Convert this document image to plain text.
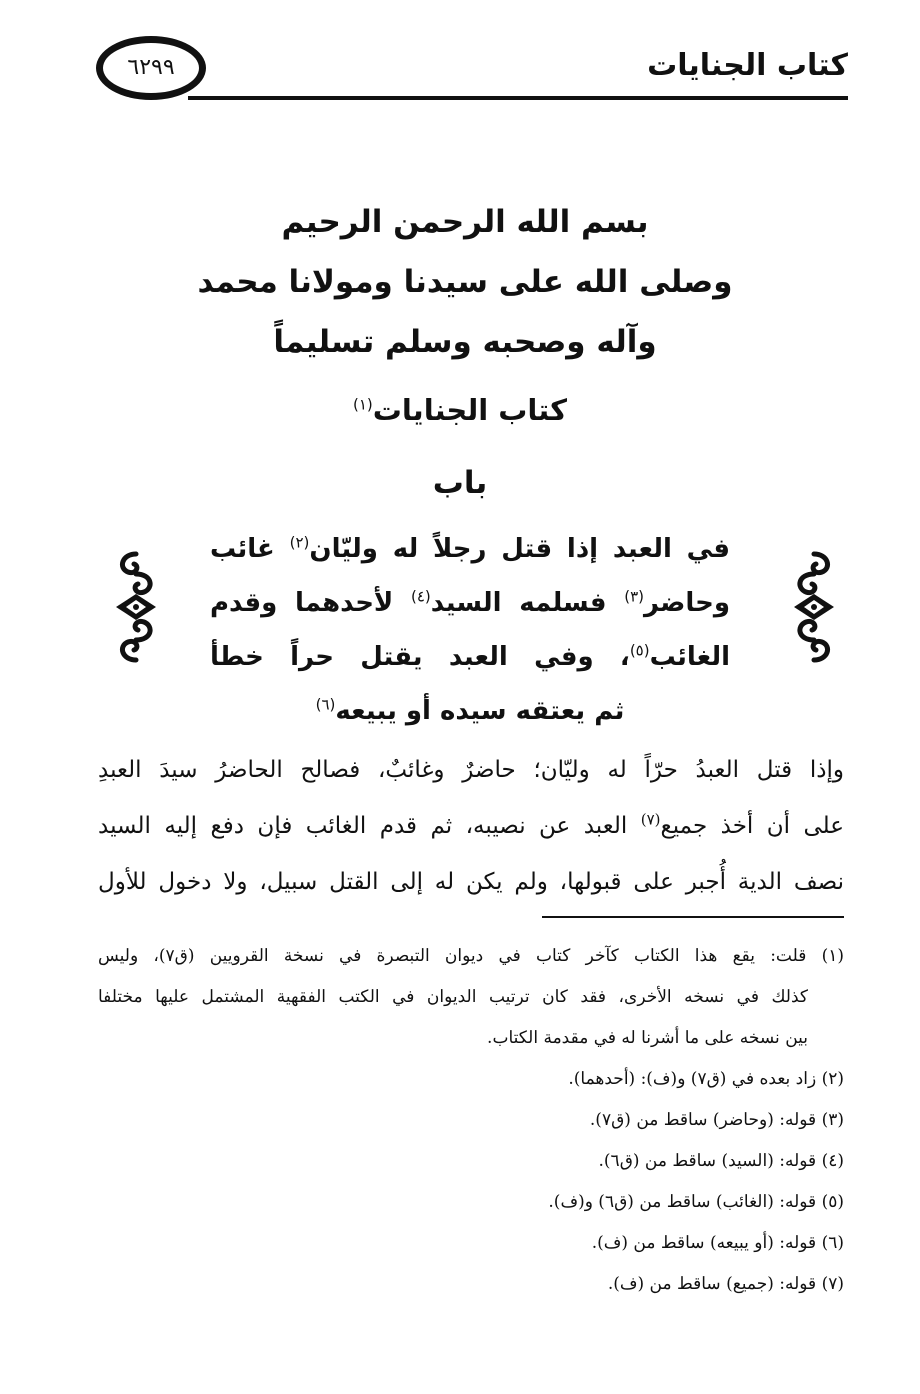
كتاب الجنايات
٦٢٩٩
بسم الله الرحمن الرحيم
وصلى الله على سيدنا ومولانا محمد
وآله وصحبه وسلم تسليماً
كتاب الجنايات$^{(١)}$
باب
في العبد إذا قتل رجلاً له وليّان$^{(٢)}$ غائب
وحاضر$^{(٣)}$ فسلمه السيد$^{(٤)}$ لأحدهما وقدم
الغائب$^{(٥)}$، وفي العبد يقتل حراً خطأ
ثم يعتقه سيده أو يبيعه$^{(٦)}$
وإذا قتل العبدُ حرّاً له وليّان؛ حاضرٌ وغائبٌ، فصالح الحاضرُ سيدَ العبدِ
على أن أخذ جميع$^{(٧)}$ العبد عن نصيبه، ثم قدم الغائب فإن دفع إليه السيد
نصف الدية أُجبر على قبولها، ولم يكن له إلى القتل سبيل، ولا دخول للأول
(١) قلت: يقع هذا الكتاب كآخر كتاب في ديوان التبصرة في نسخة القرويين (ق٧)، وليس
كذلك في نسخه الأخرى، فقد كان ترتيب الديوان في الكتب الفقهية المشتمل عليها مختلفا
بين نسخه على ما أشرنا له في مقدمة الكتاب.
(٢) زاد بعده في (ق٧) و(ف): (أحدهما).
(٣) قوله: (وحاضر) ساقط من (ق٧).
(٤) قوله: (السيد) ساقط من (ق٦).
(٥) قوله: (الغائب) ساقط من (ق٦) و(ف).
(٦) قوله: (أو يبيعه) ساقط من (ف).
(٧) قوله: (جميع) ساقط من (ف).
